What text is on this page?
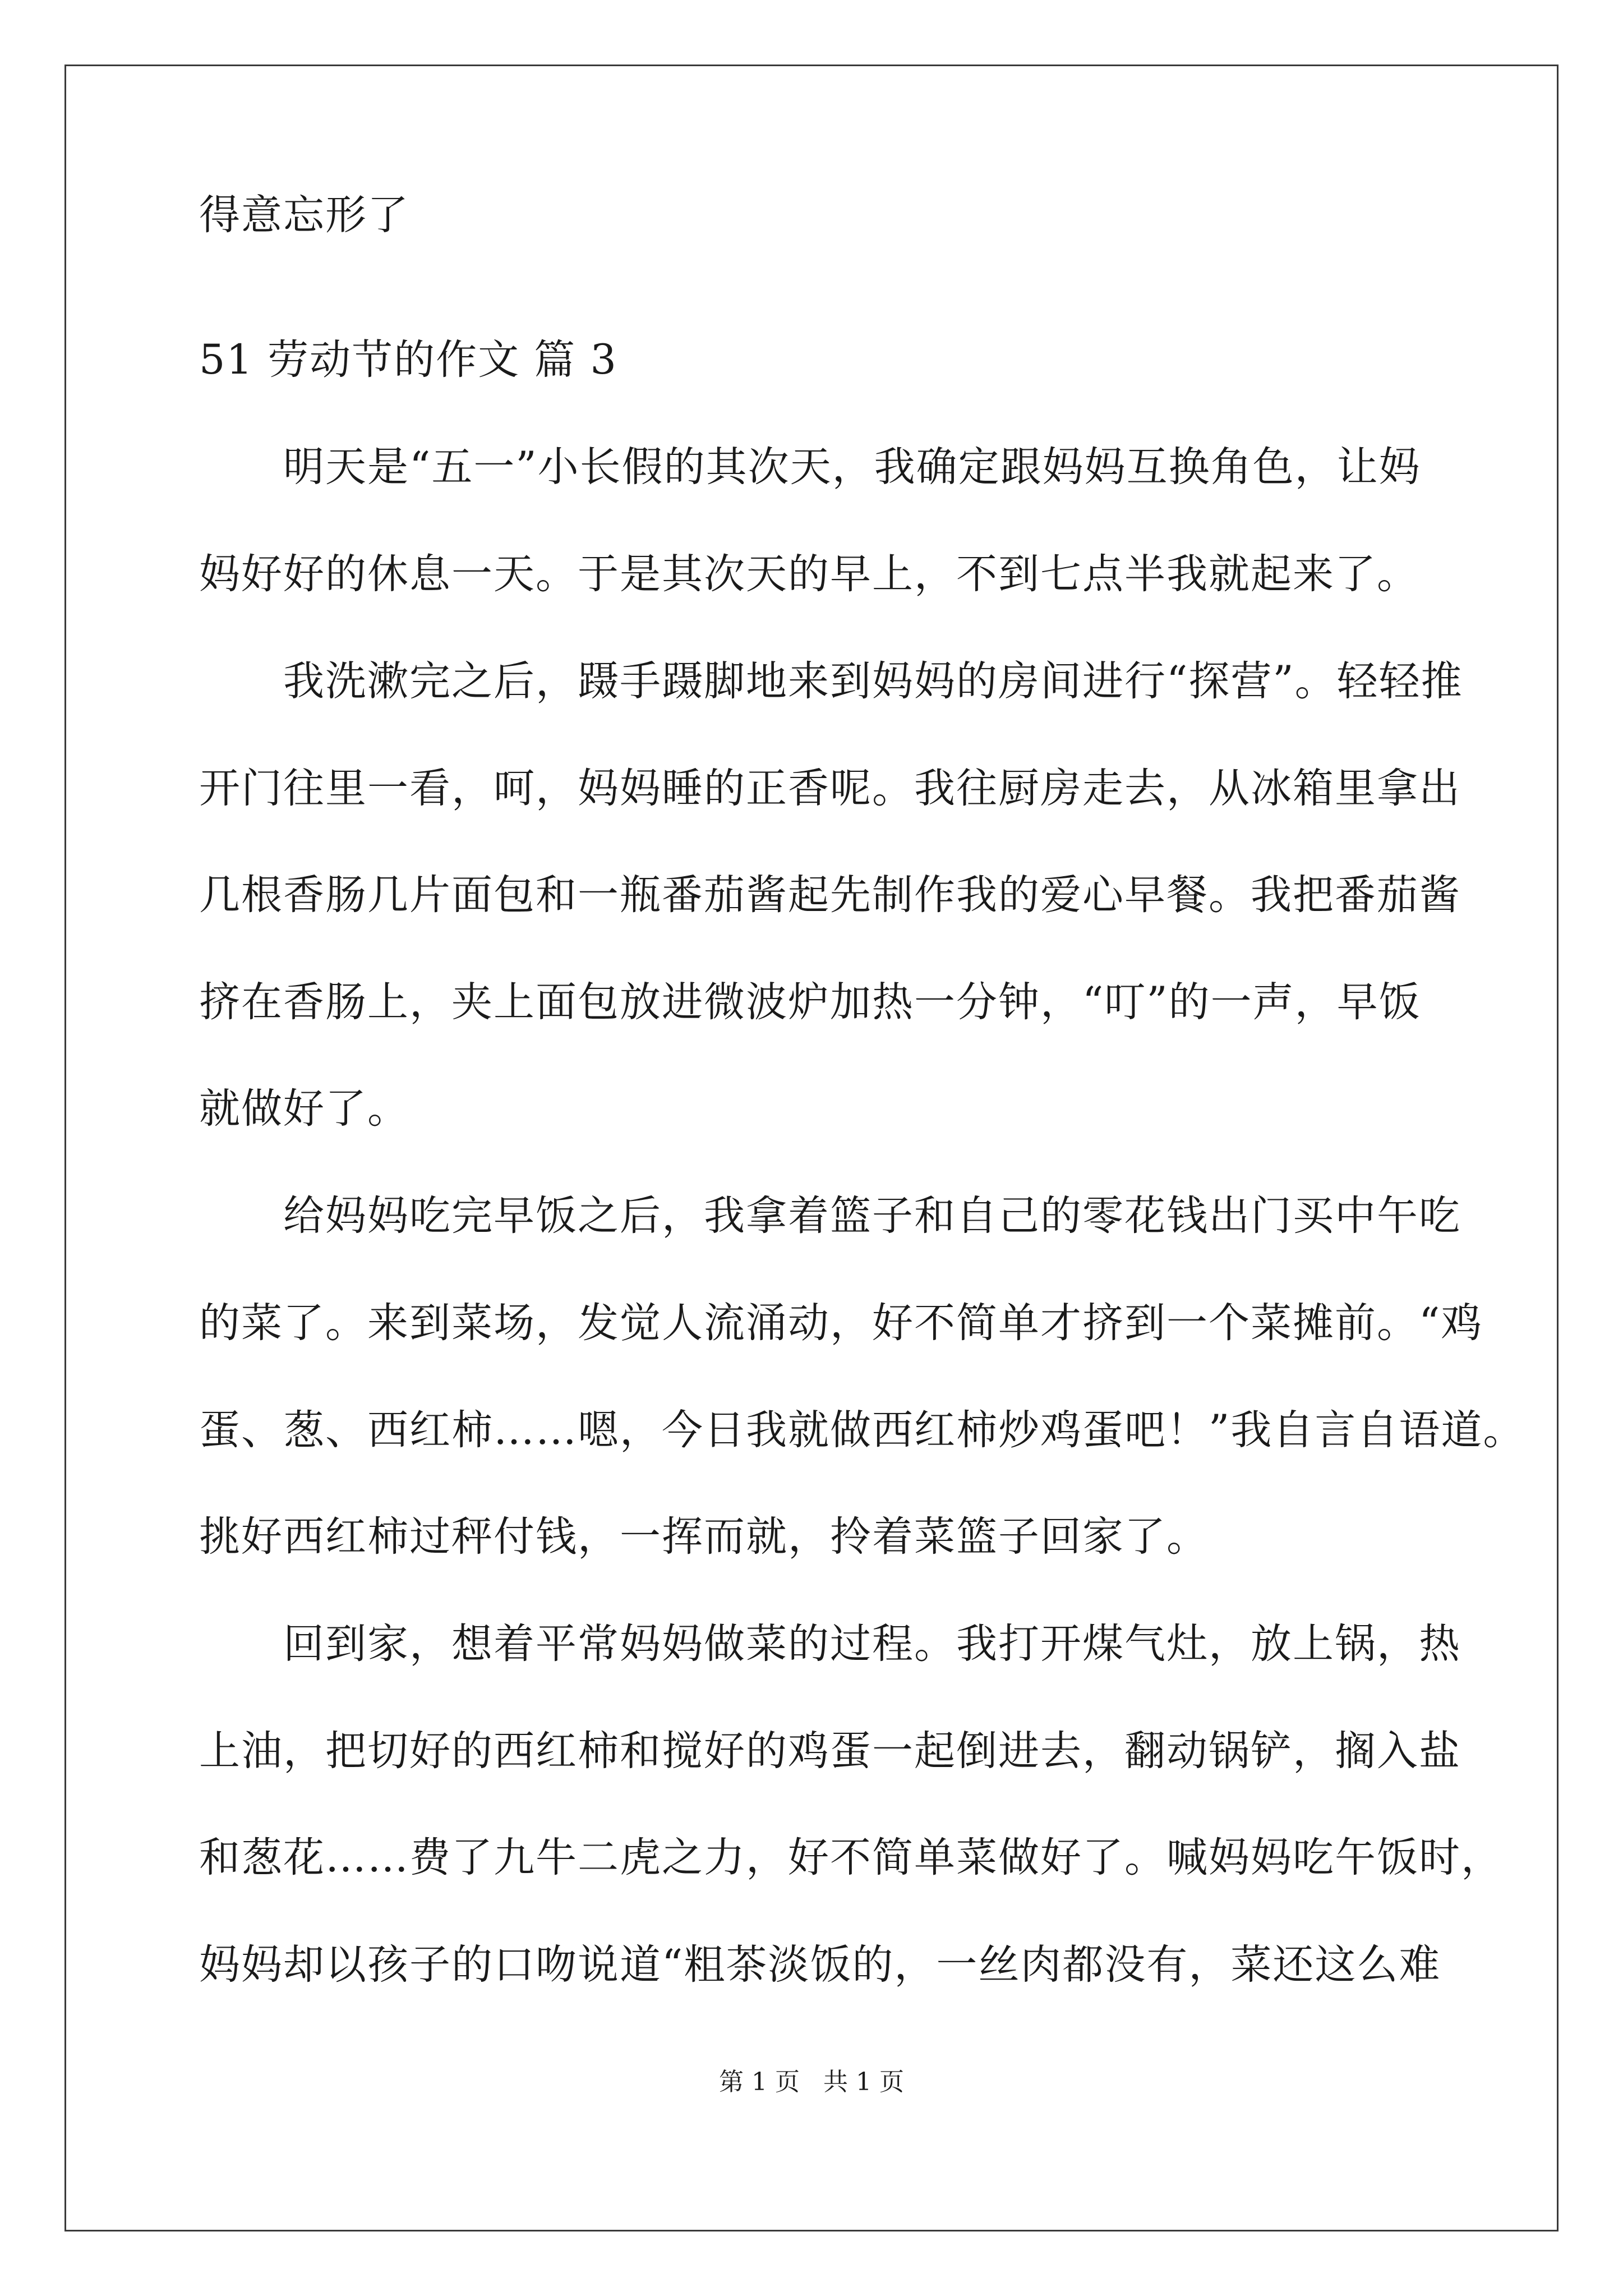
得意忘形了
51 劳动节的作文 篇 3
明天是“五一”小长假的其次天，我确定跟妈妈互换角色，让妈
妈好好的休息一天。于是其次天的早上，不到七点半我就起来了。
我洗漱完之后，蹑手蹑脚地来到妈妈的房间进行“探营”。轻轻推
开门往里一看，呵，妈妈睡的正香呢。我往厨房走去，从冰箱里拿出
几根香肠几片面包和一瓶番茄酱起先制作我的爱心早餐。我把番茄酱
挤在香肠上，夹上面包放进微波炉加热一分钟，“叮”的一声，早饭
就做好了。
给妈妈吃完早饭之后，我拿着篮子和自己的零花钱出门买中午吃
的菜了。来到菜场，发觉人流涌动，好不简单才挤到一个菜摊前。“鸡
蛋、葱、西红柿……嗯，今日我就做西红柿炒鸡蛋吧！”我自言自语道。
挑好西红柿过秤付钱，一挥而就，拎着菜篮子回家了。
回到家，想着平常妈妈做菜的过程。我打开煤气灶，放上锅，热
上油，把切好的西红柿和搅好的鸡蛋一起倒进去，翻动锅铲，搁入盐
和葱花……费了九牛二虎之力，好不简单菜做好了。喊妈妈吃午饭时，
妈妈却以孩子的口吻说道“粗茶淡饭的，一丝肉都没有，菜还这么难
第 1 页   共 1 页
